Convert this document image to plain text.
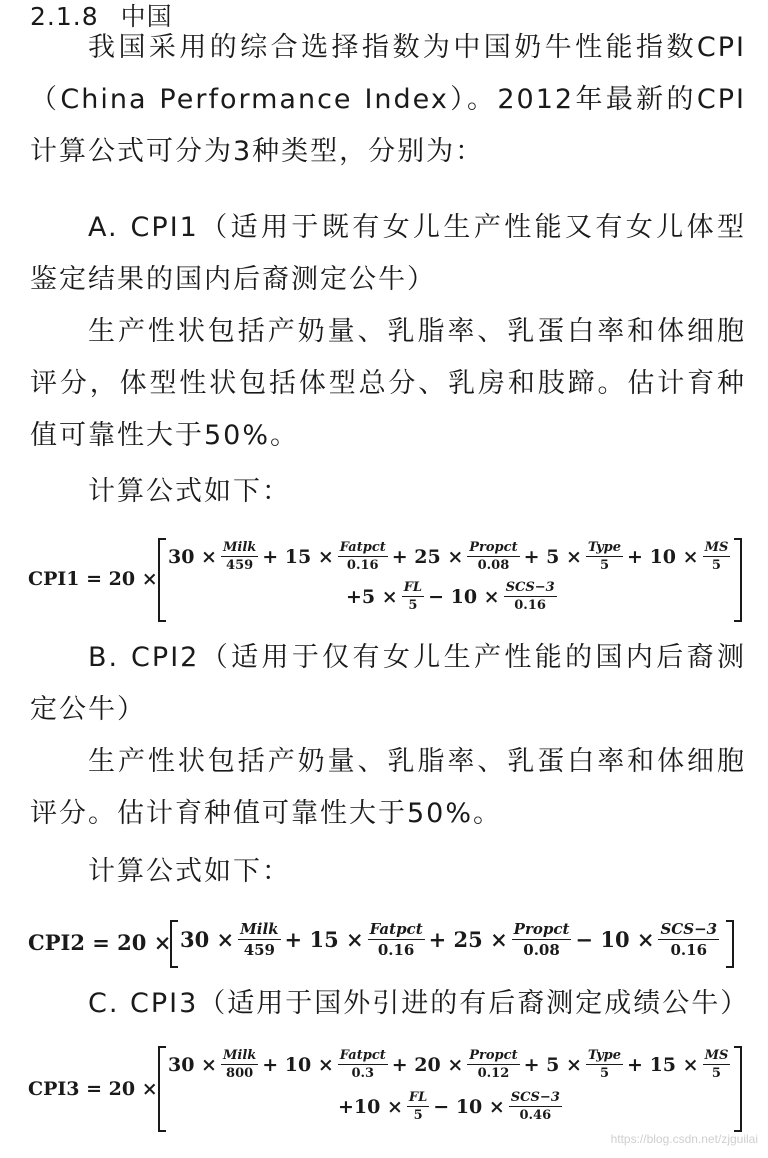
2.1.8 中国

我国采用的综合选择指数为中国奶牛性能指数CPI（China Performance Index）。2012年最新的CPI计算公式可分为3种类型，分别为：

A. CPI1（适用于既有女儿生产性能又有女儿体型鉴定结果的国内后裔测定公牛）

生产性状包括产奶量、乳脂率、乳蛋白率和体细胞评分，体型性状包括体型总分、乳房和肢蹄。估计育种值可靠性大于50%。

计算公式如下：

CPI1 = 20 ×
$30 \times \frac{\text{Milk}}{459} + 15 \times \frac{\text{Fatpct}}{0.16} + 25 \times \frac{\text{Propct}}{0.08} + 5 \times \frac{\text{Type}}{5} + 10 \times \frac{MS}{5}$
$+5 \times \frac{FL}{5} - 10 \times \frac{\text{SCS−3}}{0.16}$

B. CPI2（适用于仅有女儿生产性能的国内后裔测定公牛）

生产性状包括产奶量、乳脂率、乳蛋白率和体细胞评分。估计育种值可靠性大于50%。

计算公式如下：

$CPI2 = 20 \times 30 \times \frac{\text{Milk}}{459} + 15 \times \frac{\text{Fatpct}}{0.16} + 25 \times \frac{\text{Propct}}{0.08} - 10 \times \frac{\text{SCS−3}}{0.16}$

C. CPI3（适用于国外引进的有后裔测定成绩公牛）

CPI3 = 20 ×
$30 \times \frac{\text{Milk}}{800} + 10 \times \frac{\text{Fatpct}}{0.3} + 20 \times \frac{\text{Propct}}{0.12} + 5 \times \frac{\text{Type}}{5} + 15 \times \frac{MS}{5}$
$+10 \times \frac{FL}{5} - 10 \times \frac{\text{SCS−3}}{0.46}$
https://blog.csdn.net/zjguilai
